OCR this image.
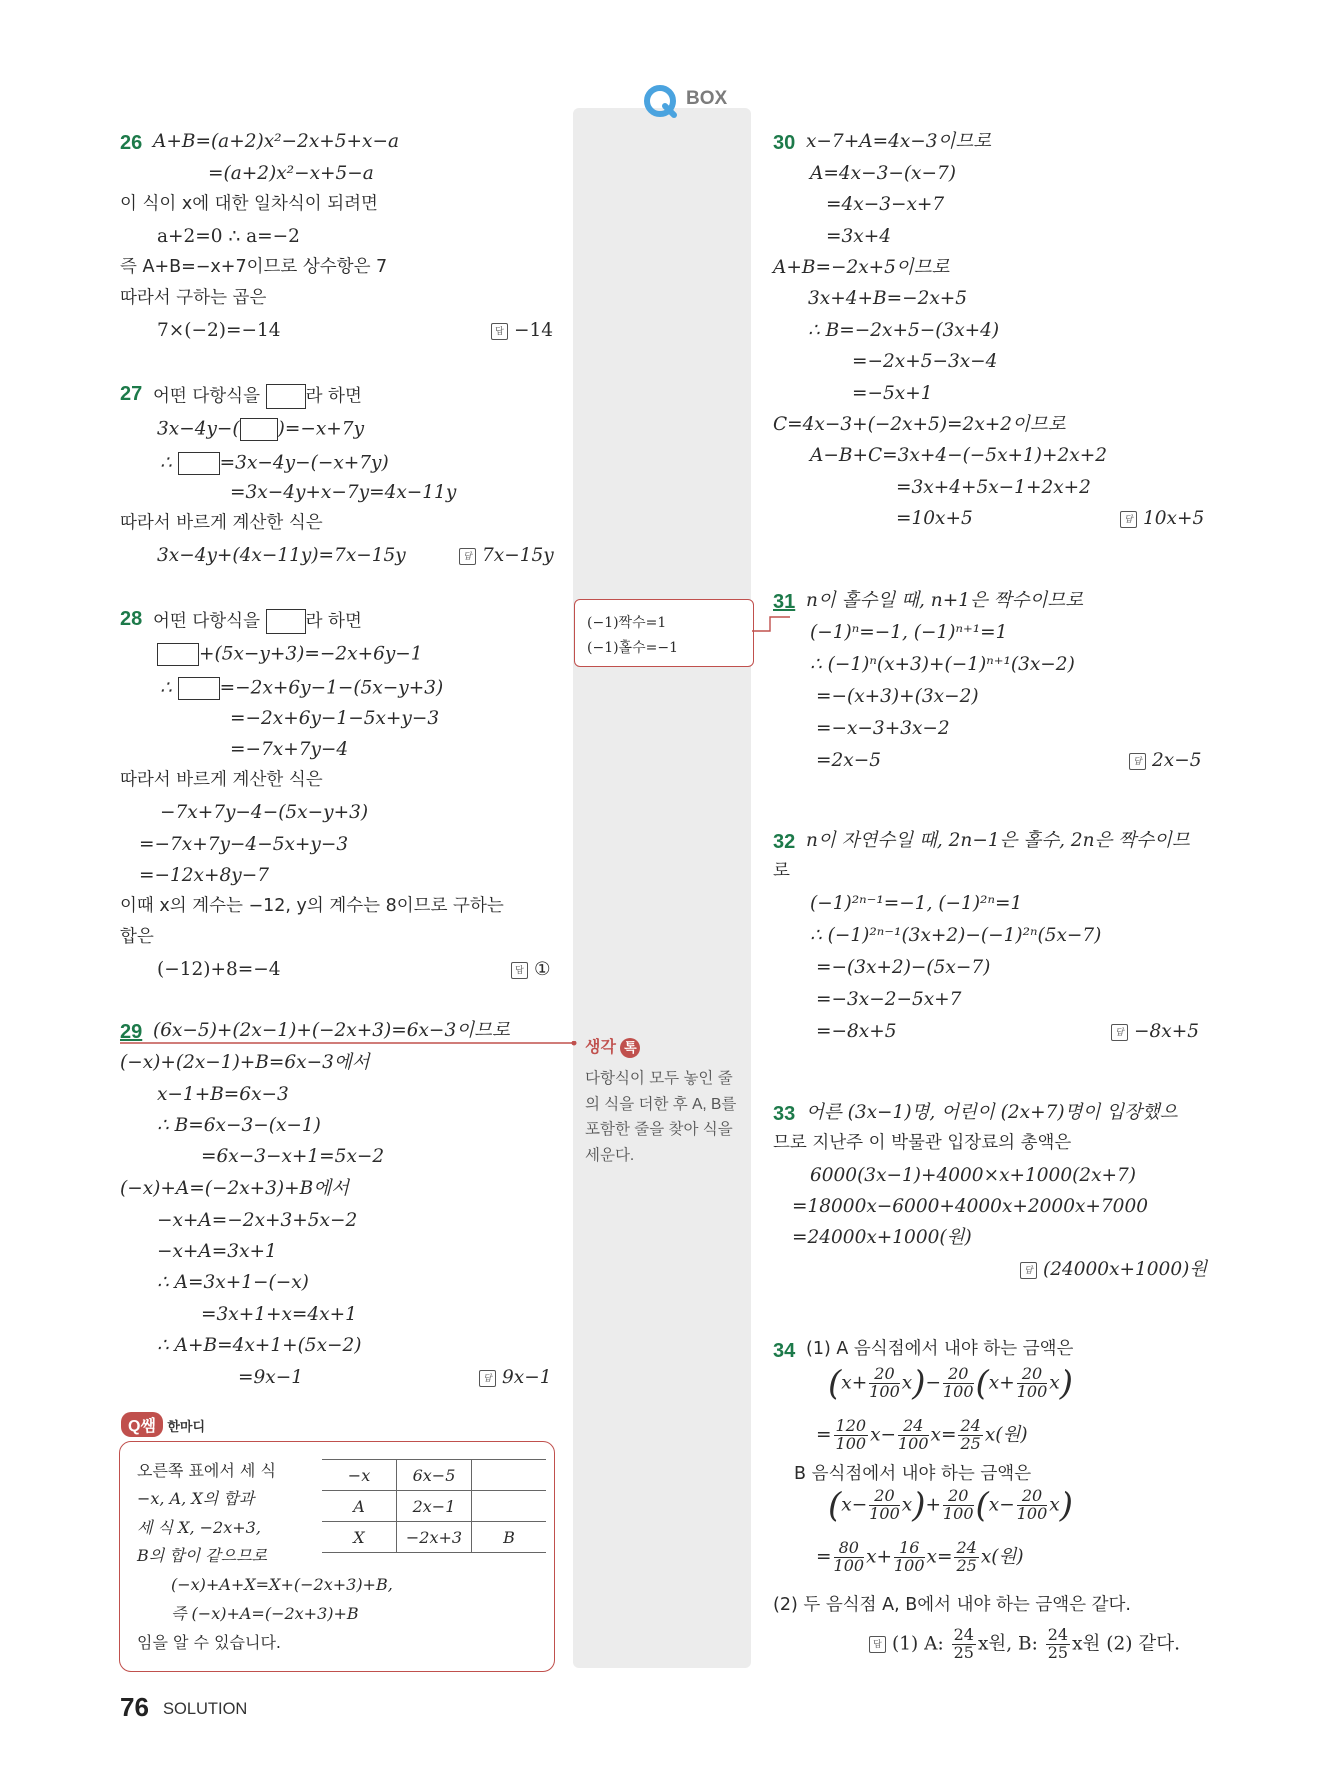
BOX
26 A+B=(a+2)x²−2x+5+x−a
=(a+2)x²−x+5−a
이 식이 x에 대한 일차식이 되려면
a+2=0 ∴ a=−2
즉 A+B=−x+7이므로 상수항은 7
따라서 구하는 곱은
7×(−2)=−14 답	−14
27 어떤 다항식을	라 하면
3x−4y−( )=−x+7y
∴	=3x−4y−(−x+7y)
=3x−4y+x−7y=4x−11y
따라서 바르게 계산한 식은
3x−4y+(4x−11y)=7x−15y 답	7x−15y
28 어떤 다항식을	라 하면
+(5x−y+3)=−2x+6y−1
∴	=−2x+6y−1−(5x−y+3)
=−2x+6y−1−5x+y−3
=−7x+7y−4
따라서 바르게 계산한 식은
−7x+7y−4−(5x−y+3)
=−7x+7y−4−5x+y−3
=−12x+8y−7
이때 x의 계수는 −12, y의 계수는 8이므로 구하는
합은
(−12)+8=−4 답	①
29 (6x−5)+(2x−1)+(−2x+3)=6x−3이므로
(−x)+(2x−1)+B=6x−3에서
x−1+B=6x−3
∴ B=6x−3−(x−1)
=6x−3−x+1=5x−2
(−x)+A=(−2x+3)+B에서
−x+A=−2x+3+5x−2
−x+A=3x+1
∴ A=3x+1−(−x)
=3x+1+x=4x+1
∴ A+B=4x+1+(5x−2)
=9x−1 답	9x−1
Q쌤 한마디
오른쪽 표에서 세 식
−x, A, X의 합과
세 식 X, −2x+3,
B의 합이 같으므로
(−x)+A+X=X+(−2x+3)+B,
즉 (−x)+A=(−2x+3)+B
임을 알 수 있습니다.
−x	6x−5	
A	2x−1	
X	−2x+3	B
(−1)짝수=1
(−1)홀수=−1
생각 톡
다항식이 모두 놓인 줄의 식을 더한 후 A, B를 포함한 줄을 찾아 식을 세운다.
30 x−7+A=4x−3이므로
A=4x−3−(x−7)
=4x−3−x+7
=3x+4
A+B=−2x+5이므로
3x+4+B=−2x+5
∴ B=−2x+5−(3x+4)
=−2x+5−3x−4
=−5x+1
C=4x−3+(−2x+5)=2x+2이므로
A−B+C=3x+4−(−5x+1)+2x+2
=3x+4+5x−1+2x+2
=10x+5 답	10x+5
31 n이 홀수일 때, n+1은 짝수이므로
(−1)ⁿ=−1, (−1)ⁿ⁺¹=1
∴ (−1)ⁿ(x+3)+(−1)ⁿ⁺¹(3x−2)
=−(x+3)+(3x−2)
=−x−3+3x−2
=2x−5 답	2x−5
32 n이 자연수일 때, 2n−1은 홀수, 2n은 짝수이므
로
(−1)²ⁿ⁻¹=−1, (−1)²ⁿ=1
∴ (−1)²ⁿ⁻¹(3x+2)−(−1)²ⁿ(5x−7)
=−(3x+2)−(5x−7)
=−3x−2−5x+7
=−8x+5 답	−8x+5
33 어른 (3x−1)명, 어린이 (2x+7)명이 입장했으
므로 지난주 이 박물관 입장료의 총액은
6000(3x−1)+4000×x+1000(2x+7)
=18000x−6000+4000x+2000x+7000
=24000x+1000(원)
답(24000x+1000)원
34 (1) A 음식점에서 내야 하는 금액은
$(x+ \frac{20}{100} x)- \frac{20}{100} (x+ \frac{20}{100} x)$
= $\frac{120}{100} x- \frac{24}{100} x= \frac{24}{25} x$(원)
B 음식점에서 내야 하는 금액은
$(x- \frac{20}{100} x)+ \frac{20}{100} (x- \frac{20}{100} x)$
= $\frac{80}{100} x+ \frac{16}{100} x= \frac{24}{25} x$(원)
(2) 두 음식점 A, B에서 내야 하는 금액은 같다.
답(1) A: $\frac{24}{25}$ x원, B: $\frac{24}{25}$ x원 (2) 같다.
76 SOLUTION
